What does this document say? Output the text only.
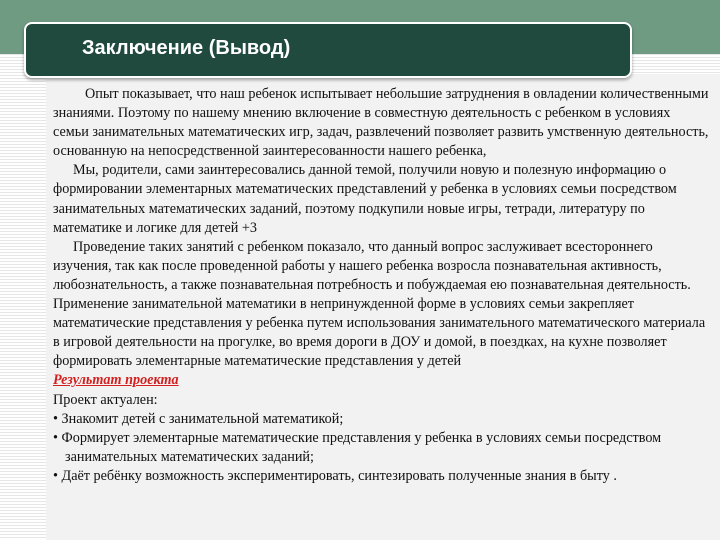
Заключение (Вывод)

Опыт показывает, что наш ребенок испытывает небольшие затруднения в овладении количественными знаниями. Поэтому по нашему мнению включение в совместную деятельность с ребенком в условиях семьи занимательных математических игр, задач, развлечений позволяет развить умственную деятельность, основанную на непосредственной заинтересованности нашего ребенка,

Мы, родители, сами заинтересовались данной темой, получили новую и полезную информацию о формировании элементарных математических представлений у ребенка в условиях семьи посредством занимательных математических заданий, поэтому подкупили новые игры, тетради, литературу по математике и логике для детей +3

Проведение таких занятий с ребенком показало, что данный вопрос заслуживает всестороннего изучения, так как после проведенной работы у нашего ребенка возросла познавательная активность, любознательность, а также познавательная потребность и побуждаемая ею познавательная деятельность. Применение занимательной математики в непринужденной форме в условиях семьи закрепляет математические представления у ребенка путем использования занимательного математического материала в игровой деятельности на прогулке, во время дороги в ДОУ и домой, в поездках, на кухне позволяет формировать элементарные математические представления у детей

Результат проекта

Проект актуален:

• Знакомит детей с занимательной математикой;

• Формирует элементарные математические представления у ребенка в условиях семьи посредством занимательных математических заданий;

• Даёт ребёнку возможность экспериментировать, синтезировать полученные знания в быту .
